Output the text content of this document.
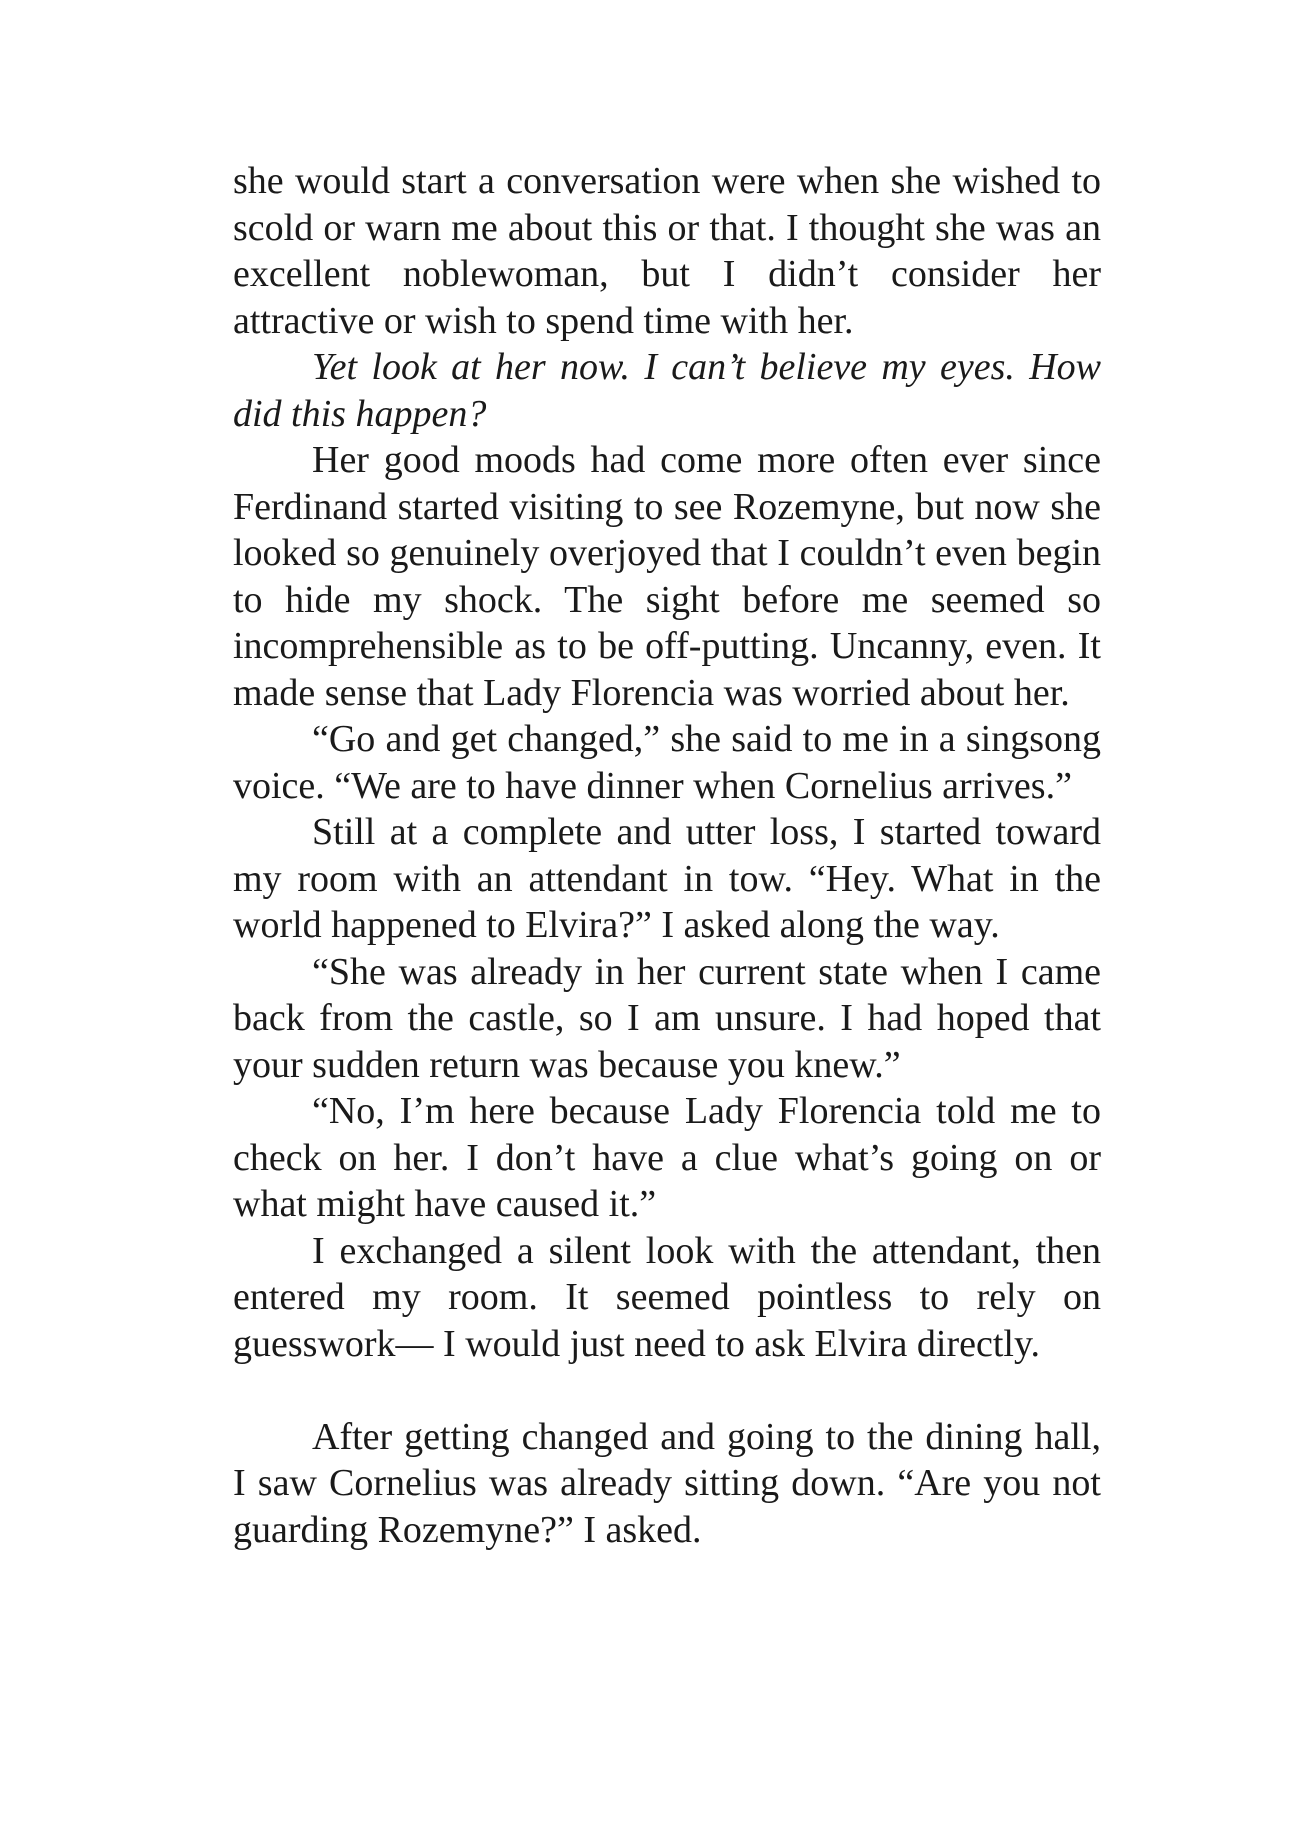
she would start a conversation were when she wished to scold or warn me about this or that. I thought she was an excellent noblewoman, but I didn’t consider her attractive or wish to spend time with her.

Yet look at her now. I can’t believe my eyes. How did this happen?

Her good moods had come more often ever since Ferdinand started visiting to see Rozemyne, but now she looked so genuinely overjoyed that I couldn’t even begin to hide my shock. The sight before me seemed so incomprehensible as to be off-putting. Uncanny, even. It made sense that Lady Florencia was worried about her.

“Go and get changed,” she said to me in a singsong voice. “We are to have dinner when Cornelius arrives.”

Still at a complete and utter loss, I started toward my room with an attendant in tow. “Hey. What in the world happened to Elvira?” I asked along the way.

“She was already in her current state when I came back from the castle, so I am unsure. I had hoped that your sudden return was because you knew.”

“No, I’m here because Lady Florencia told me to check on her. I don’t have a clue what’s going on or what might have caused it.”

I exchanged a silent look with the attendant, then entered my room. It seemed pointless to rely on guesswork— I would just need to ask Elvira directly.

After getting changed and going to the dining hall, I saw Cornelius was already sitting down. “Are you not guarding Rozemyne?” I asked.
